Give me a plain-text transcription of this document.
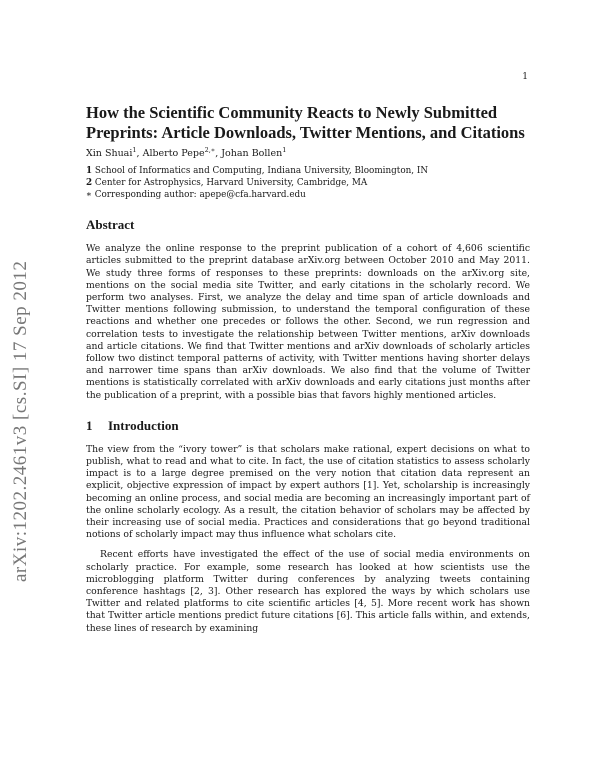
1
arXiv:1202.2461v3 [cs.SI] 17 Sep 2012
How the Scientific Community Reacts to Newly Submitted Preprints: Article Downloads, Twitter Mentions, and Citations
Xin Shuai$^1$, Alberto Pepe$^{2,∗}$, Johan Bollen$^1$
1 School of Informatics and Computing, Indiana University, Bloomington, IN
2 Center for Astrophysics, Harvard University, Cambridge, MA
∗ Corresponding author: apepe@cfa.harvard.edu
Abstract

We analyze the online response to the preprint publication of a cohort of 4,606 scientific articles submitted to the preprint database arXiv.org between October 2010 and May 2011. We study three forms of responses to these preprints: downloads on the arXiv.org site, mentions on the social media site Twitter, and early citations in the scholarly record. We perform two analyses. First, we analyze the delay and time span of article downloads and Twitter mentions following submission, to understand the temporal configuration of these reactions and whether one precedes or follows the other. Second, we run regression and correlation tests to investigate the relationship between Twitter mentions, arXiv downloads and article citations. We find that Twitter mentions and arXiv downloads of scholarly articles follow two distinct temporal patterns of activity, with Twitter mentions having shorter delays and narrower time spans than arXiv downloads. We also find that the volume of Twitter mentions is statistically correlated with arXiv downloads and early citations just months after the publication of a preprint, with a possible bias that favors highly mentioned articles.

1 Introduction

The view from the “ivory tower” is that scholars make rational, expert decisions on what to publish, what to read and what to cite. In fact, the use of citation statistics to assess scholarly impact is to a large degree premised on the very notion that citation data represent an explicit, objective expression of impact by expert authors [1]. Yet, scholarship is increasingly becoming an online process, and social media are becoming an increasingly important part of the online scholarly ecology. As a result, the citation behavior of scholars may be affected by their increasing use of social media. Practices and considerations that go beyond traditional notions of scholarly impact may thus influence what scholars cite.

Recent efforts have investigated the effect of the use of social media environments on scholarly practice. For example, some research has looked at how scientists use the microblogging platform Twitter during conferences by analyzing tweets containing conference hashtags [2, 3]. Other research has explored the ways by which scholars use Twitter and related platforms to cite scientific articles [4, 5]. More recent work has shown that Twitter article mentions predict future citations [6]. This article falls within, and extends, these lines of research by examining
